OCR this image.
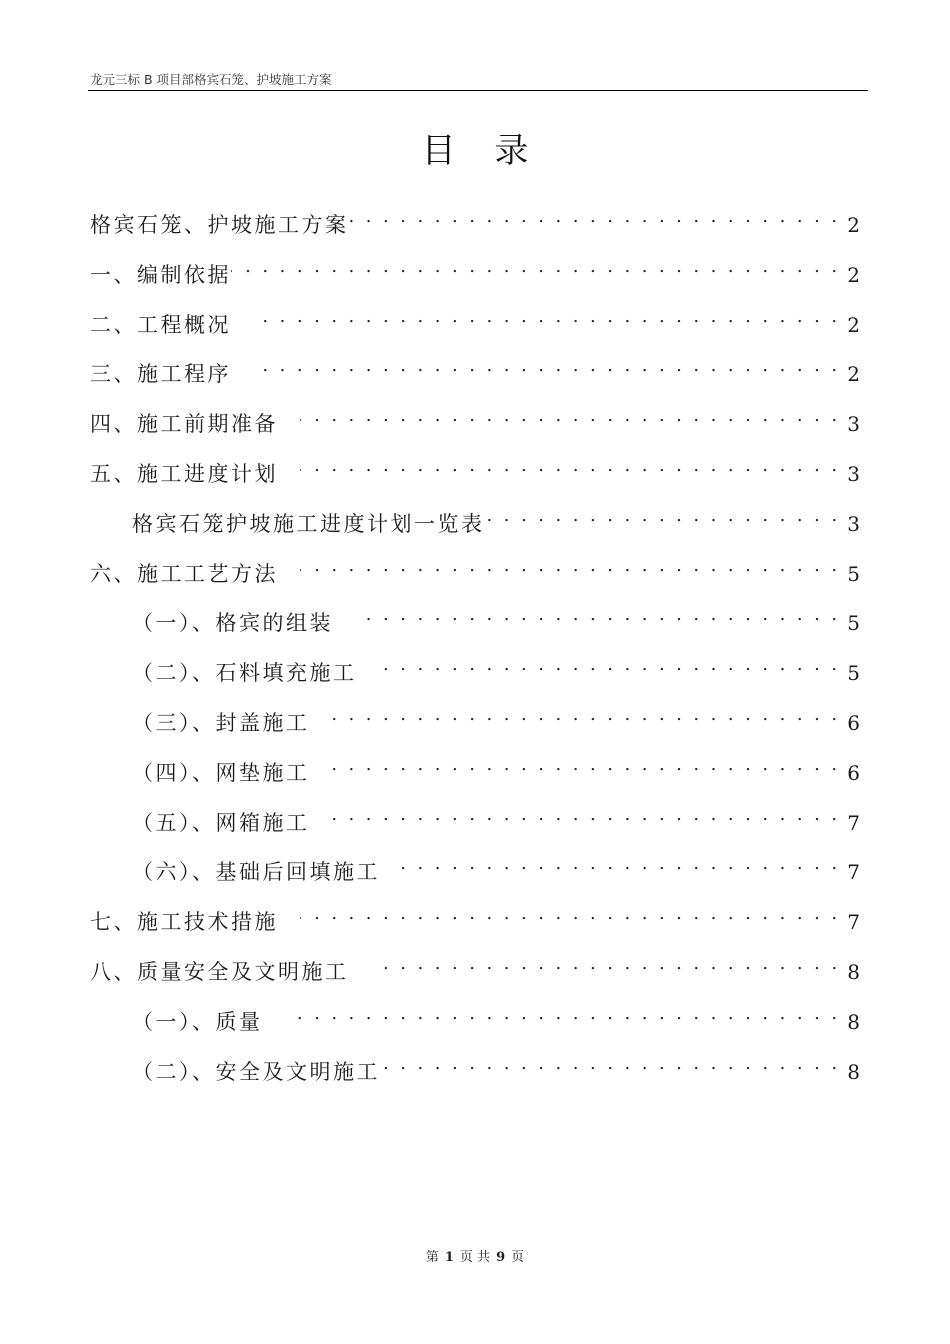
龙元三标 B 项目部格宾石笼、护坡施工方案
目 录
格宾石笼、护坡施工方案 . . .	2
一、编制依据 . . .	2
二、工程概况 . . .	2
三、施工程序 . . .	2
四、施工前期准备 . . .	3
五、施工进度计划 . . .	3
格宾石笼护坡施工进度计划一览表 . . .	3
六、施工工艺方法 . . .	5
（一）、格宾的组装 . . .	5
（二）、石料填充施工 . . .	5
（三）、封盖施工 . . .	6
（四）、网垫施工 . . .	6
（五）、网箱施工 . . .	7
（六）、基础后回填施工 . . .	7
七、施工技术措施 . . .	7
八、质量安全及文明施工 . . .	8
（一）、质量 . . .	8
（二）、安全及文明施工 . . .	8
第 1 页 共 9 页
